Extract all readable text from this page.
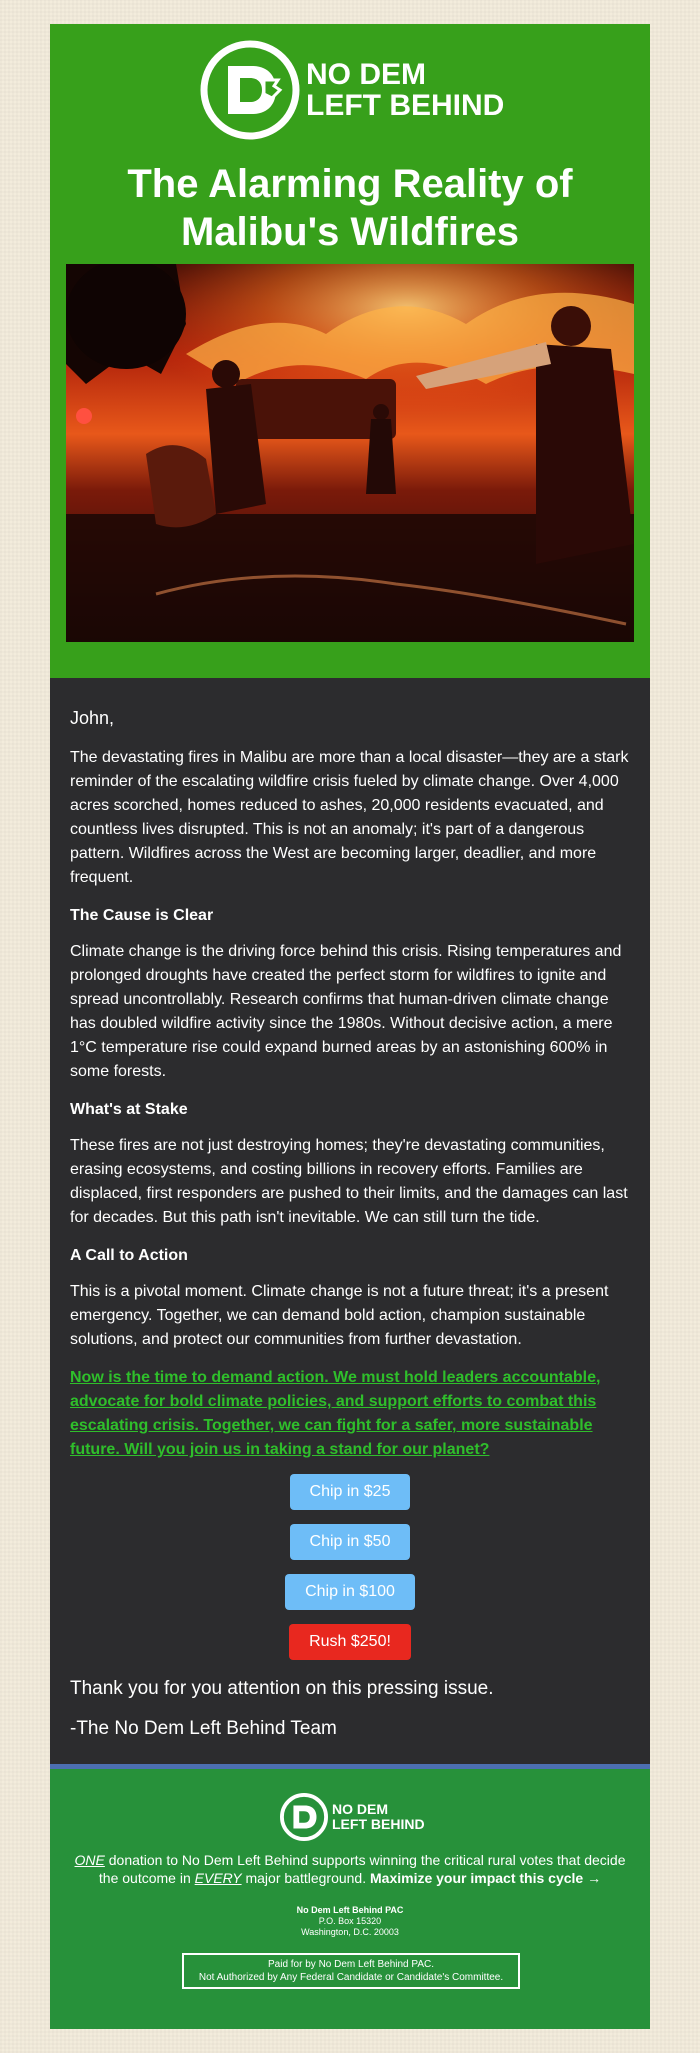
NO DEM
LEFT BEHIND
The Alarming Reality of
Malibu's Wildfires
John,

The devastating fires in Malibu are more than a local disaster—they are a stark reminder of the escalating wildfire crisis fueled by climate change. Over 4,000 acres scorched, homes reduced to ashes, 20,000 residents evacuated, and countless lives disrupted. This is not an anomaly; it's part of a dangerous pattern. Wildfires across the West are becoming larger, deadlier, and more frequent.

The Cause is Clear

Climate change is the driving force behind this crisis. Rising temperatures and prolonged droughts have created the perfect storm for wildfires to ignite and spread uncontrollably. Research confirms that human-driven climate change has doubled wildfire activity since the 1980s. Without decisive action, a mere 1°C temperature rise could expand burned areas by an astonishing 600% in some forests.

What's at Stake

These fires are not just destroying homes; they're devastating communities, erasing ecosystems, and costing billions in recovery efforts. Families are displaced, first responders are pushed to their limits, and the damages can last for decades. But this path isn't inevitable. We can still turn the tide.

A Call to Action

This is a pivotal moment. Climate change is not a future threat; it's a present emergency. Together, we can demand bold action, champion sustainable solutions, and protect our communities from further devastation.

Now is the time to demand action. We must hold leaders accountable, advocate for bold climate policies, and support efforts to combat this escalating crisis. Together, we can fight for a safer, more sustainable future. Will you join us in taking a stand for our planet?
Chip in $25
Chip in $50
Chip in $100
Rush $250!
Thank you for you attention on this pressing issue.
-The No Dem Left Behind Team
NO DEM
LEFT BEHIND
ONE donation to No Dem Left Behind supports winning the critical rural votes that decide the outcome in EVERY major battleground. Maximize your impact this cycle →
No Dem Left Behind PAC
P.O. Box 15320
Washington, D.C. 20003
Paid for by No Dem Left Behind PAC.
Not Authorized by Any Federal Candidate or Candidate's Committee.
